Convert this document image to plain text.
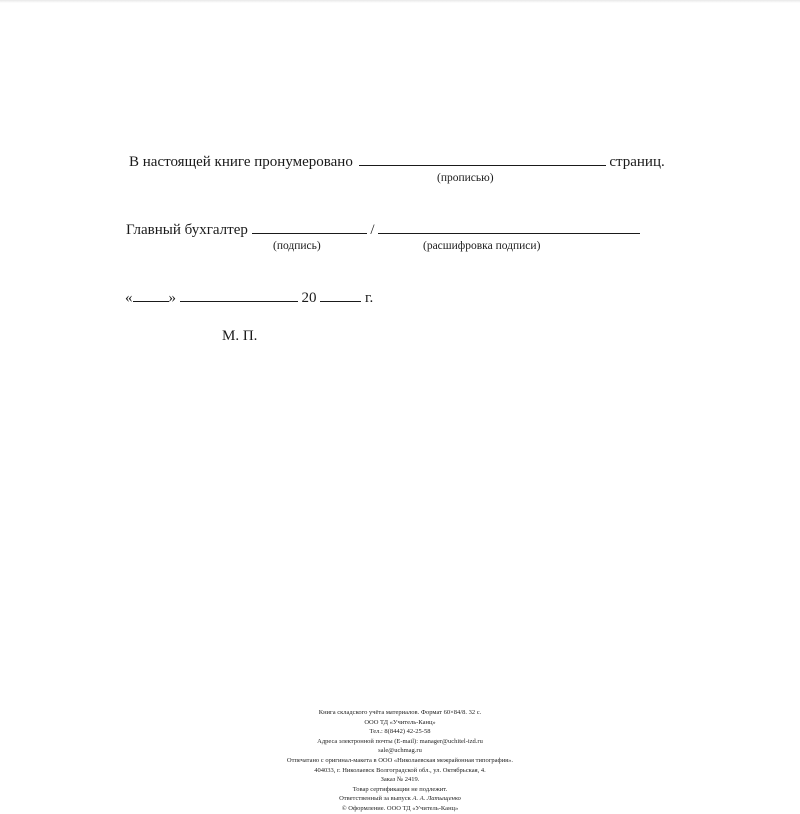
В настоящей книге пронумеровано	страниц.
(прописью)
Главный бухгалтер	/
(подпись)	(расшифровка подписи)
« »	20	г.
М. П.
Книга складского учёта материалов. Формат 60×84/8. 32 с.
ООО ТД «Учитель-Канц»
Тел.: 8(8442) 42-25-58
Адреса электронной почты (E-mail): manager@uchitel-izd.ru
sale@uchmag.ru
Отпечатано с оригинал-макета в ООО «Николаевская межрайонная типография».
404033, г. Николаевск Волгоградской обл., ул. Октябрьская, 4.
Заказ № 2419.
Товар сертификации не подлежит.
Ответственный за выпуск А. А. Латыщенко
© Оформление. ООО ТД «Учитель-Канц»
